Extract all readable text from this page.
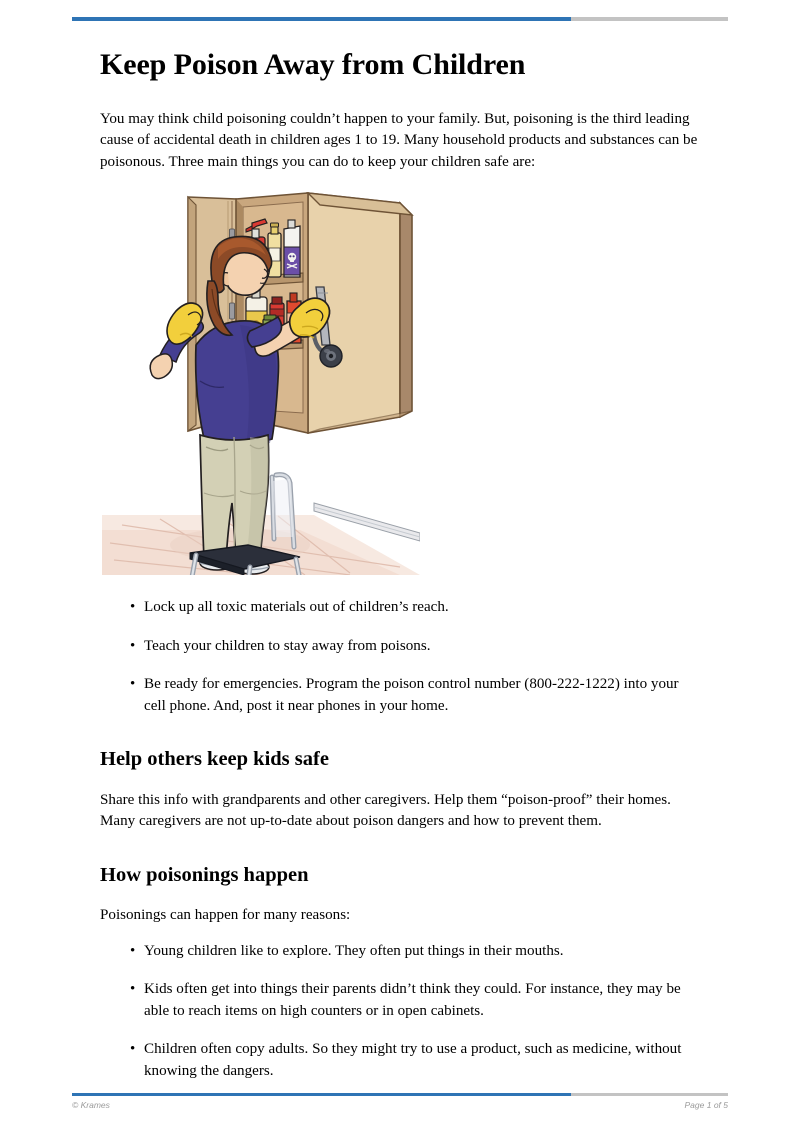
Keep Poison Away from Children

You may think child poisoning couldn’t happen to your family. But, poisoning is the third leading cause of accidental death in children ages 1 to 19. Many household products and substances can be poisonous. Three main things you can do to keep your children safe are:

• Lock up all toxic materials out of children’s reach.
• Teach your children to stay away from poisons.
• Be ready for emergencies. Program the poison control number (800-222-1222) into your cell phone. And, post it near phones in your home.
Help others keep kids safe

Share this info with grandparents and other caregivers. Help them “poison-proof” their homes. Many caregivers are not up-to-date about poison dangers and how to prevent them.

How poisonings happen

Poisonings can happen for many reasons:

• Young children like to explore. They often put things in their mouths.
• Kids often get into things their parents didn’t think they could. For instance, they may be able to reach items on high counters or in open cabinets.
• Children often copy adults. So they might try to use a product, such as medicine, without knowing the dangers.
© Krames	Page 1 of 5
